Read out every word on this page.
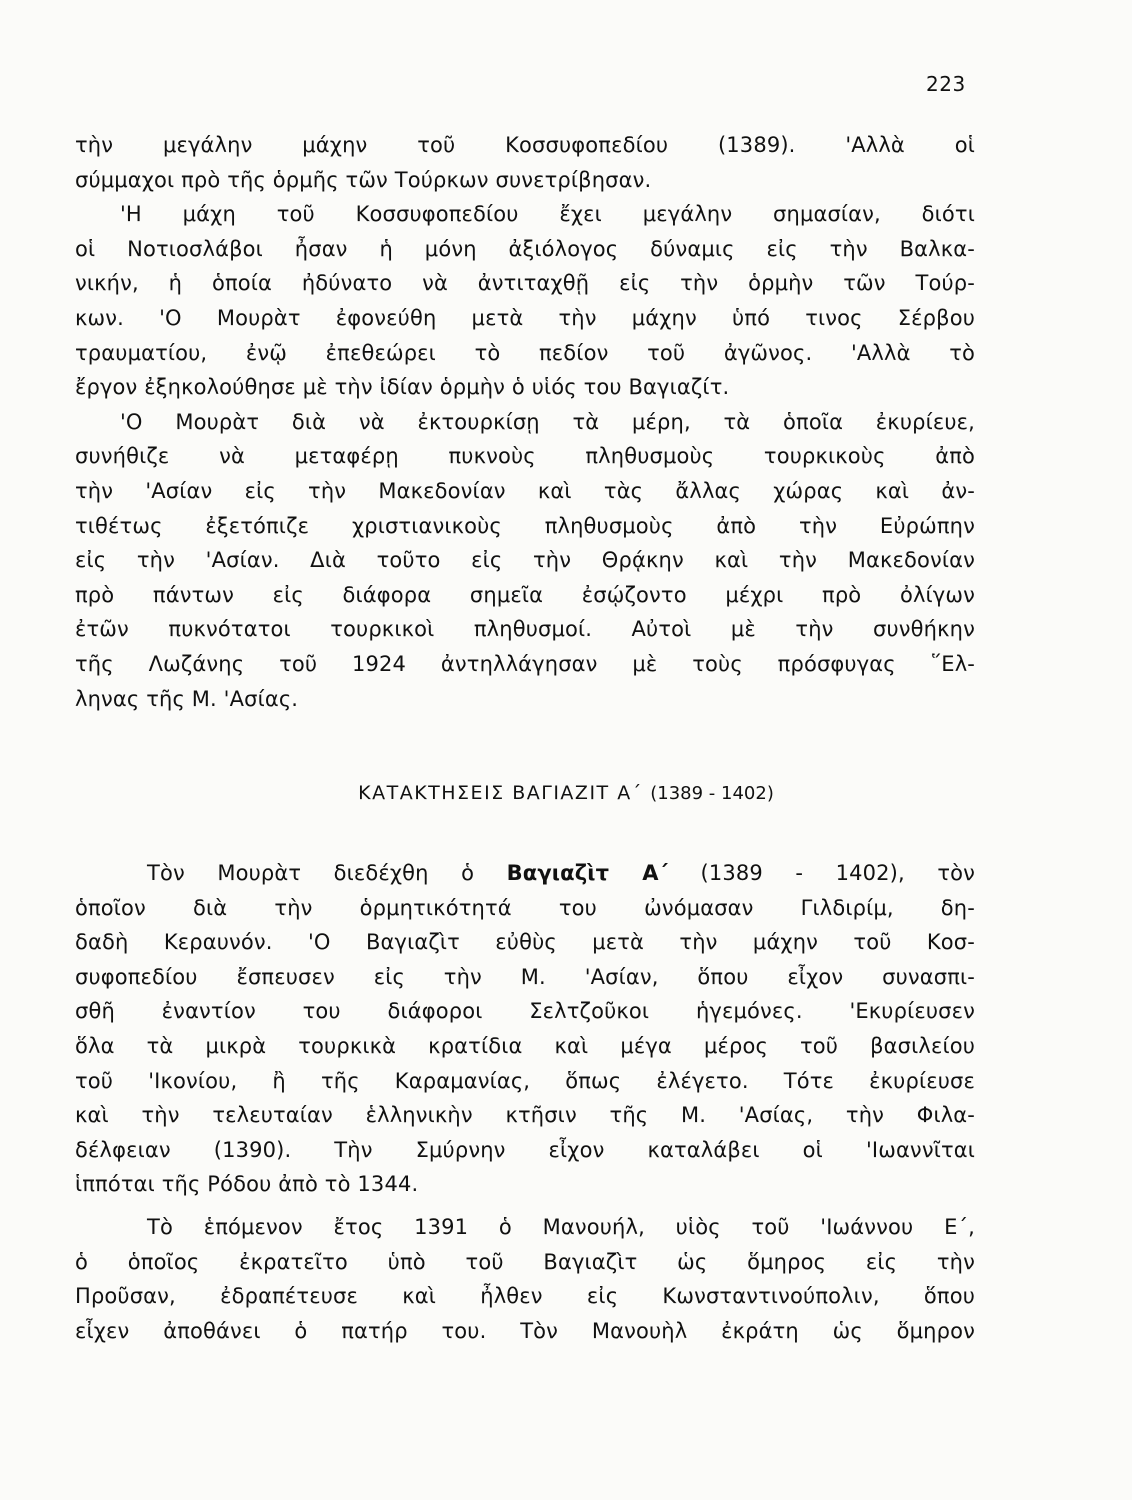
223
τὴν μεγάλην μάχην τοῦ Κοσσυφοπεδίου (1389). 'Αλλὰ οἱ
σύμμαχοι πρὸ τῆς ὁρμῆς τῶν Τούρκων συνετρίβησαν.
'Η μάχη τοῦ Κοσσυφοπεδίου ἔχει μεγάλην σημασίαν, διότι
οἱ Νοτιοσλάβοι ἦσαν ἡ μόνη ἀξιόλογος δύναμις εἰς τὴν Βαλκα-
νικήν, ἡ ὁποία ἠδύνατο νὰ ἀντιταχθῇ εἰς τὴν ὁρμὴν τῶν Τούρ-
κων. 'Ο Μουρὰτ ἐφονεύθη μετὰ τὴν μάχην ὑπό τινος Σέρβου
τραυματίου, ἐνῷ ἐπεθεώρει τὸ πεδίον τοῦ ἀγῶνος. 'Αλλὰ τὸ
ἔργον ἐξηκολούθησε μὲ τὴν ἰδίαν ὁρμὴν ὁ υἱός του Βαγιαζίτ.
'Ο Μουρὰτ διὰ νὰ ἐκτουρκίσῃ τὰ μέρη, τὰ ὁποῖα ἐκυρίευε,
συνήθιζε νὰ μεταφέρῃ πυκνοὺς πληθυσμοὺς τουρκικοὺς ἀπὸ
τὴν 'Ασίαν εἰς τὴν Μακεδονίαν καὶ τὰς ἄλλας χώρας καὶ ἀν-
τιθέτως ἐξετόπιζε χριστιανικοὺς πληθυσμοὺς ἀπὸ τὴν Εὐρώπην
εἰς τὴν 'Ασίαν. Διὰ τοῦτο εἰς τὴν Θρᾴκην καὶ τὴν Μακεδονίαν
πρὸ πάντων εἰς διάφορα σημεῖα ἐσῴζοντο μέχρι πρὸ ὀλίγων
ἐτῶν πυκνότατοι τουρκικοὶ πληθυσμοί. Αὐτοὶ μὲ τὴν συνθήκην
τῆς Λωζάνης τοῦ 1924 ἀντηλλάγησαν μὲ τοὺς πρόσφυγας ῞Ελ-
ληνας τῆς Μ. 'Ασίας.
ΚΑΤΑΚΤΗΣΕΙΣ ΒΑΓΙΑΖΙΤ Α΄ (1389 - 1402)
Τὸν Μουρὰτ διεδέχθη ὁ Βαγιαζὶτ Α΄ (1389 - 1402), τὸν
ὁποῖον διὰ τὴν ὁρμητικότητά του ὠνόμασαν Γιλδιρίμ, δη-
δαδὴ Κεραυνόν. 'Ο Βαγιαζὶτ εὐθὺς μετὰ τὴν μάχην τοῦ Κοσ-
συφοπεδίου ἔσπευσεν εἰς τὴν Μ. 'Ασίαν, ὅπου εἶχον συνασπι-
σθῆ ἐναντίον του διάφοροι Σελτζοῦκοι ἡγεμόνες. 'Εκυρίευσεν
ὅλα τὰ μικρὰ τουρκικὰ κρατίδια καὶ μέγα μέρος τοῦ βασιλείου
τοῦ 'Ικονίου, ἢ τῆς Καραμανίας, ὅπως ἐλέγετο. Τότε ἐκυρίευσε
καὶ τὴν τελευταίαν ἑλληνικὴν κτῆσιν τῆς Μ. 'Ασίας, τὴν Φιλα-
δέλφειαν (1390). Τὴν Σμύρνην εἶχον καταλάβει οἱ 'Ιωαννῖται
ἱππόται τῆς Ρόδου ἀπὸ τὸ 1344.
Τὸ ἑπόμενον ἔτος 1391 ὁ Μανουήλ, υἱὸς τοῦ 'Ιωάννου Ε΄,
ὁ ὁποῖος ἐκρατεῖτο ὑπὸ τοῦ Βαγιαζὶτ ὡς ὅμηρος εἰς τὴν
Προῦσαν, ἐδραπέτευσε καὶ ἦλθεν εἰς Κωνσταντινούπολιν, ὅπου
εἶχεν ἀποθάνει ὁ πατήρ του. Τὸν Μανουὴλ ἐκράτη ὡς ὅμηρον
